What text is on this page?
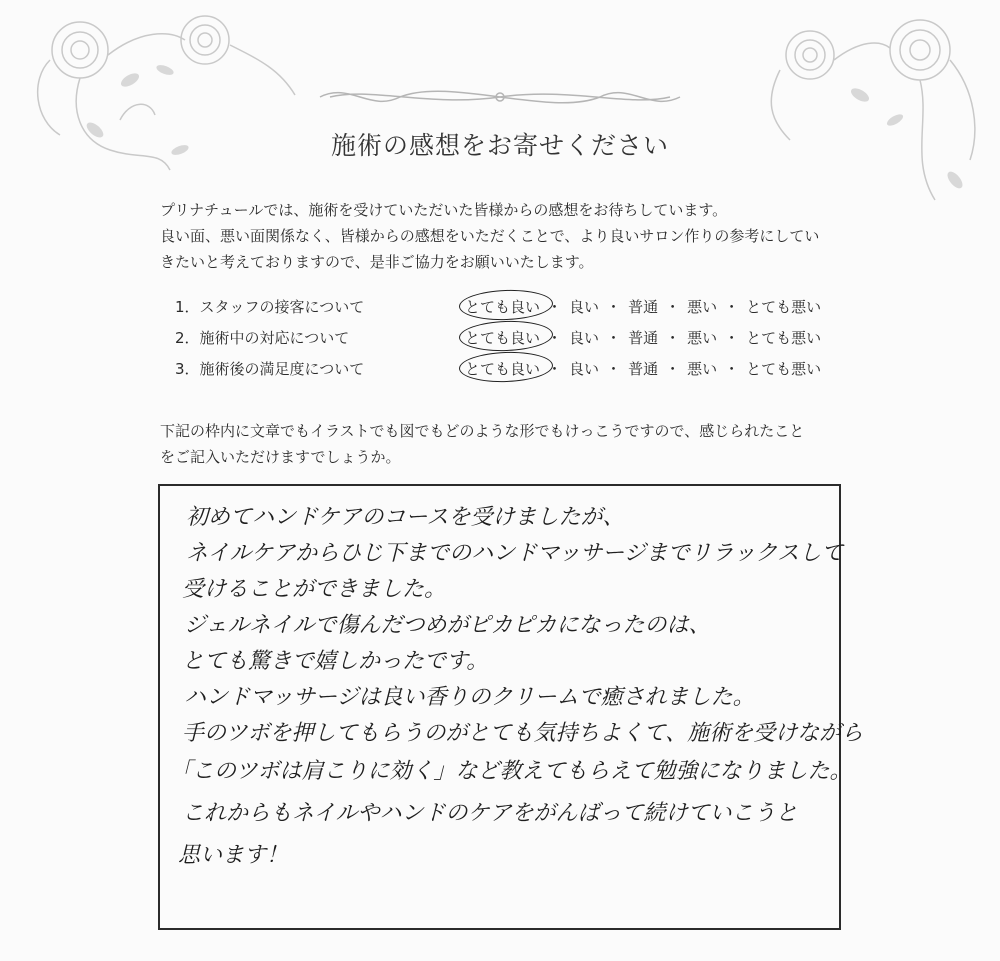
施術の感想をお寄せください
プリナチュールでは、施術を受けていただいた皆様からの感想をお待ちしています。
良い面、悪い面関係なく、皆様からの感想をいただくことで、より良いサロン作りの参考にしてい
きたいと考えておりますので、是非ご協力をお願いいたします。
1．スタッフの接客について	とても良い ・ 良い ・ 普通 ・ 悪い ・ とても悪い
2．施術中の対応について	とても良い ・ 良い ・ 普通 ・ 悪い ・ とても悪い
3．施術後の満足度について	とても良い ・ 良い ・ 普通 ・ 悪い ・ とても悪い
下記の枠内に文章でもイラストでも図でもどのような形でもけっこうですので、感じられたこと
をご記入いただけますでしょうか。
初めてハンドケアのコースを受けましたが、
ネイルケアからひじ下までのハンドマッサージまでリラックスして
受けることができました。
ジェルネイルで傷んだつめがピカピカになったのは、
とても驚きで嬉しかったです。
ハンドマッサージは良い香りのクリームで癒されました。
手のツボを押してもらうのがとても気持ちよくて、施術を受けながら
「このツボは肩こりに効く」など教えてもらえて勉強になりました。
これからもネイルやハンドのケアをがんばって続けていこうと
思います！
